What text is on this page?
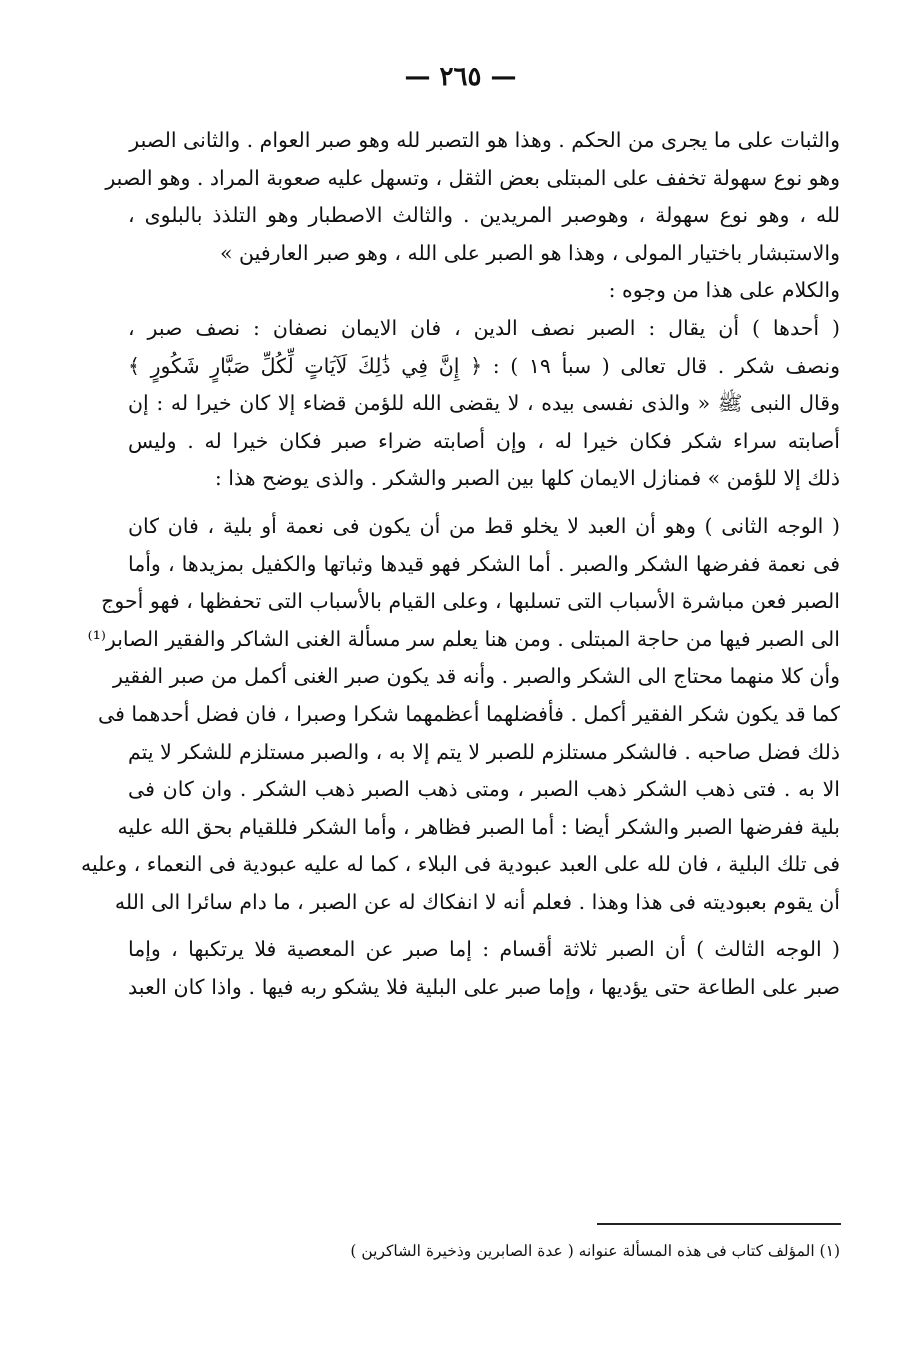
— ٢٦٥ —
والثبات على ما يجرى من الحكم . وهذا هو التصبر لله وهو صبر العوام . والثانى الصبر
وهو نوع سهولة تخفف على المبتلى بعض الثقل ، وتسهل عليه صعوبة المراد . وهو الصبر
لله ، وهو نوع سهولة ، وهوصبر المريدين . والثالث الاصطبار وهو التلذذ بالبلوى ،
والاستبشار باختيار المولى ، وهذا هو الصبر على الله ، وهو صبر العارفين »
والكلام على هذا من وجوه :
( أحدها ) أن يقال : الصبر نصف الدين ، فان الايمان نصفان : نصف صبر ،
ونصف شكر . قال تعالى ( سبأ ١٩ ) : ﴿ إِنَّ فِي ذَٰلِكَ لَآيَاتٍ لِّكُلِّ صَبَّارٍ شَكُورٍ ﴾
وقال النبى ﷺ « والذى نفسى بيده ، لا يقضى الله للؤمن قضاء إلا كان خيرا له : إن
أصابته سراء شكر فكان خيرا له ، وإن أصابته ضراء صبر فكان خيرا له . وليس
ذلك إلا للؤمن » فمنازل الايمان كلها بين الصبر والشكر . والذى يوضح هذا :
( الوجه الثانى ) وهو أن العبد لا يخلو قط من أن يكون فى نعمة أو بلية ، فان كان
فى نعمة ففرضها الشكر والصبر . أما الشكر فهو قيدها وثباتها والكفيل بمزيدها ، وأما
الصبر فعن مباشرة الأسباب التى تسلبها ، وعلى القيام بالأسباب التى تحفظها ، فهو أحوج
الى الصبر فيها من حاجة المبتلى . ومن هنا يعلم سر مسألة الغنى الشاكر والفقير الصابر⁽¹⁾
وأن كلا منهما محتاج الى الشكر والصبر . وأنه قد يكون صبر الغنى أكمل من صبر الفقير
كما قد يكون شكر الفقير أكمل . فأفضلهما أعظمهما شكرا وصبرا ، فان فضل أحدهما فى
ذلك فضل صاحبه . فالشكر مستلزم للصبر لا يتم إلا به ، والصبر مستلزم للشكر لا يتم
الا به . فتى ذهب الشكر ذهب الصبر ، ومتى ذهب الصبر ذهب الشكر . وان كان فى
بلية ففرضها الصبر والشكر أيضا : أما الصبر فظاهر ، وأما الشكر فللقيام بحق الله عليه
فى تلك البلية ، فان لله على العبد عبودية فى البلاء ، كما له عليه عبودية فى النعماء ، وعليه
أن يقوم بعبوديته فى هذا وهذا . فعلم أنه لا انفكاك له عن الصبر ، ما دام سائرا الى الله
( الوجه الثالث ) أن الصبر ثلاثة أقسام : إما صبر عن المعصية فلا يرتكبها ، وإما
صبر على الطاعة حتى يؤديها ، وإما صبر على البلية فلا يشكو ربه فيها . واذا كان العبد
(١) المؤلف كتاب فى هذه المسألة عنوانه ( عدة الصابرين وذخيرة الشاكرين )
